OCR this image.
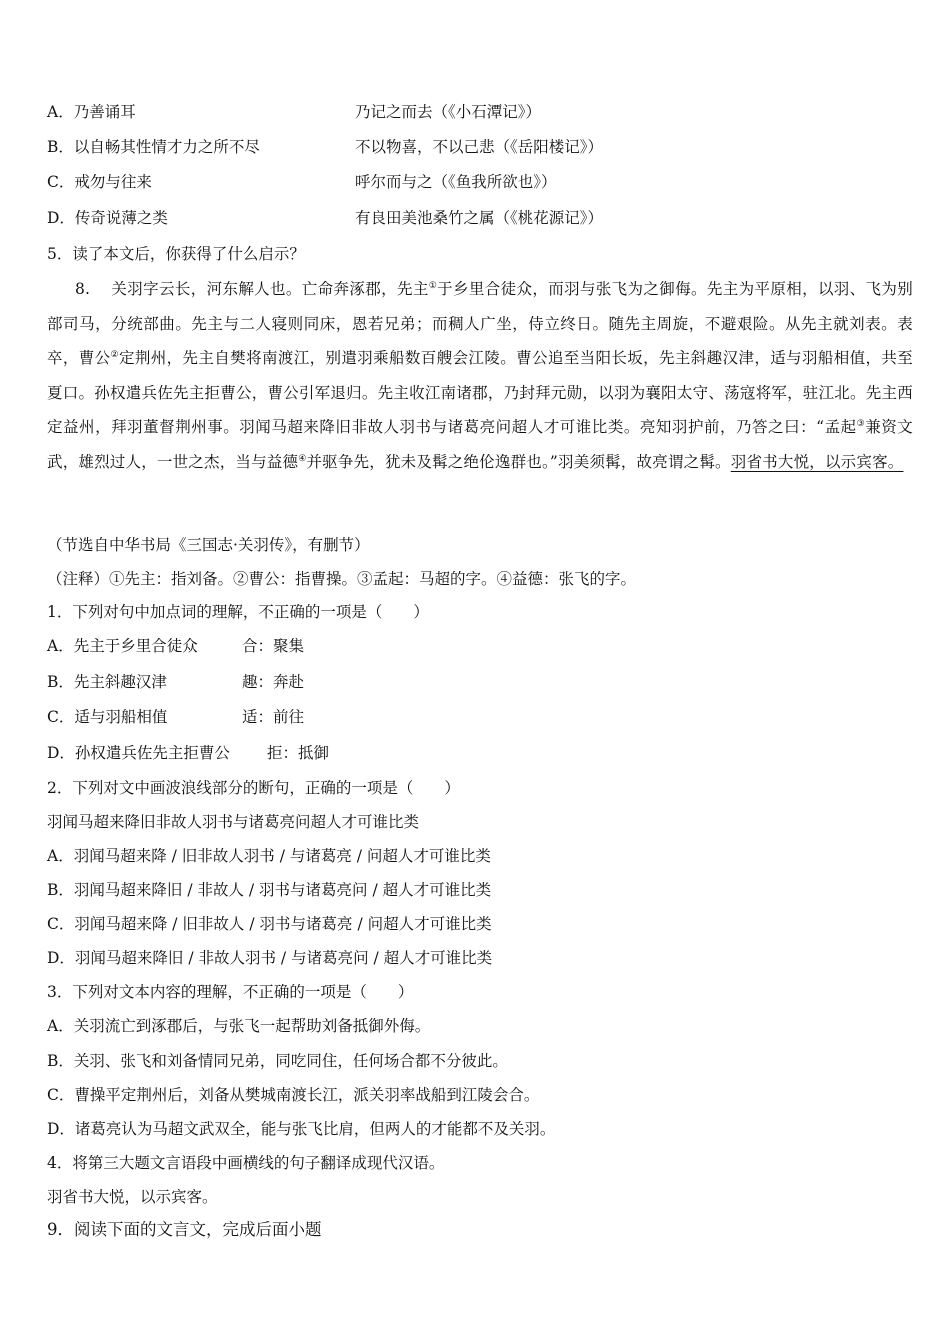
A．乃善诵耳	乃记之而去（《小石潭记》）
B．以自畅其性情才力之所不尽	不以物喜，不以己悲（《岳阳楼记》）
C．戒勿与往来	呼尔而与之（《鱼我所欲也》）
D．传奇说薄之类	有良田美池桑竹之属（《桃花源记》）
5．读了本文后，你获得了什么启示？
8. 关羽字云长，河东解人也。亡命奔涿郡，先主①于乡里合徒众，而羽与张飞为之御侮。先主为平原相，以羽、飞为别部司马，分统部曲。先主与二人寝则同床，恩若兄弟；而稠人广坐，侍立终日。随先主周旋，不避艰险。从先主就刘表。表卒，曹公②定荆州，先主自樊将南渡江，别遣羽乘船数百艘会江陵。曹公追至当阳长坂，先主斜趣汉津，适与羽船相值，共至夏口。孙权遣兵佐先主拒曹公，曹公引军退归。先主收江南诸郡，乃封拜元勋，以羽为襄阳太守、荡寇将军，驻江北。先主西定益州，拜羽董督荆州事。羽闻马超来降旧非故人羽书与诸葛亮问超人才可谁比类。亮知羽护前，乃答之曰：“孟起③兼资文武，雄烈过人，一世之杰，当与益德④并驱争先，犹未及髯之绝伦逸群也。”羽美须髯，故亮谓之髯。羽省书大悦，以示宾客。
（节选自中华书局《三国志·关羽传》，有删节）
（注释）①先主：指刘备。②曹公：指曹操。③孟起：马超的字。④益德：张飞的字。
1．下列对句中加点词的理解，不正确的一项是（　　）
A．先主于乡里合徒众	合：聚集
B．先主斜趣汉津	趣：奔赴
C．适与羽船相值	适：前往
D．孙权遣兵佐先主拒曹公 拒：抵御
2．下列对文中画波浪线部分的断句，正确的一项是（　　）
羽闻马超来降旧非故人羽书与诸葛亮问超人才可谁比类
A．羽闻马超来降 / 旧非故人羽书 / 与诸葛亮 / 问超人才可谁比类
B．羽闻马超来降旧 / 非故人 / 羽书与诸葛亮问 / 超人才可谁比类
C．羽闻马超来降 / 旧非故人 / 羽书与诸葛亮 / 问超人才可谁比类
D．羽闻马超来降旧 / 非故人羽书 / 与诸葛亮问 / 超人才可谁比类
3．下列对文本内容的理解，不正确的一项是（　　）
A．关羽流亡到涿郡后，与张飞一起帮助刘备抵御外侮。
B．关羽、张飞和刘备情同兄弟，同吃同住，任何场合都不分彼此。
C．曹操平定荆州后，刘备从樊城南渡长江，派关羽率战船到江陵会合。
D．诸葛亮认为马超文武双全，能与张飞比肩，但两人的才能都不及关羽。
4．将第三大题文言语段中画横线的句子翻译成现代汉语。
羽省书大悦，以示宾客。
9．阅读下面的文言文，完成后面小题
